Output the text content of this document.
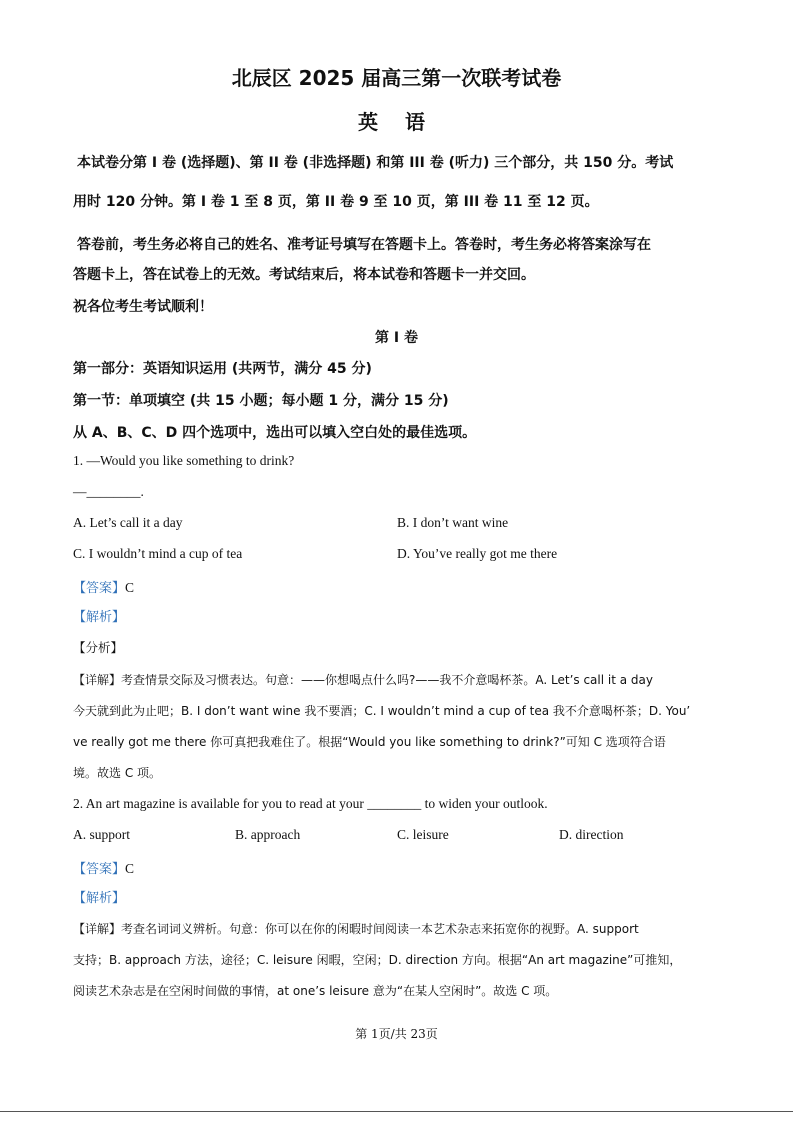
北辰区 2025 届高三第一次联考试卷
英 语
本试卷分第 I 卷 (选择题)、第 II 卷 (非选择题) 和第 III 卷 (听力) 三个部分，共 150 分。考试
用时 120 分钟。第 I 卷 1 至 8 页，第 II 卷 9 至 10 页，第 III 卷 11 至 12 页。
答卷前，考生务必将自己的姓名、准考证号填写在答题卡上。答卷时，考生务必将答案涂写在
答题卡上，答在试卷上的无效。考试结束后，将本试卷和答题卡一并交回。
祝各位考生考试顺利！
第 I 卷
第一部分：英语知识运用 (共两节，满分 45 分)
第一节：单项填空 (共 15 小题；每小题 1 分，满分 15 分)
从 A、B、C、D 四个选项中，选出可以填入空白处的最佳选项。
1. —Would you like something to drink?
—________.
A. Let’s call it a day	B. I don’t want wine
C. I wouldn’t mind a cup of tea	D. You’ve really got me there
【答案】C
【解析】
【分析】
【详解】考查情景交际及习惯表达。句意：——你想喝点什么吗?——我不介意喝杯茶。A. Let’s call it a day
今天就到此为止吧；B. I don’t want wine 我不要酒；C. I wouldn’t mind a cup of tea 我不介意喝杯茶；D. You’
ve really got me there 你可真把我难住了。根据“Would you like something to drink?”可知 C 选项符合语
境。故选 C 项。
2. An art magazine is available for you to read at your ________ to widen your outlook.
A. support	B. approach	C. leisure	D. direction
【答案】C
【解析】
【详解】考查名词词义辨析。句意：你可以在你的闲暇时间阅读一本艺术杂志来拓宽你的视野。A. support
支持；B. approach 方法，途径；C. leisure 闲暇，空闲；D. direction 方向。根据“An art magazine”可推知，
阅读艺术杂志是在空闲时间做的事情，at one’s leisure 意为“在某人空闲时”。故选 C 项。
第 1页/共 23页
